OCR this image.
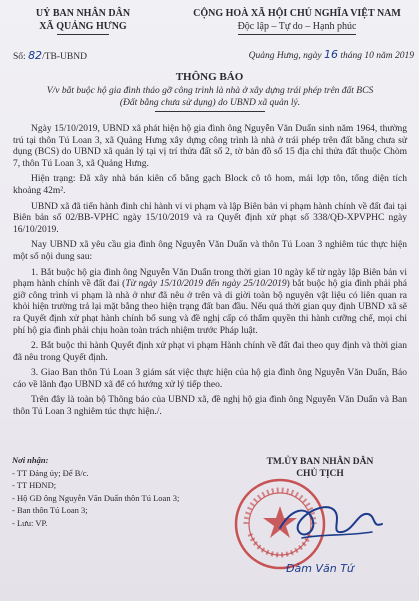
UỶ BAN NHÂN DÂN
XÃ QUẢNG HƯNG
CỘNG HOÀ XÃ HỘI CHỦ NGHĨA VIỆT NAM
Độc lập – Tự do – Hạnh phúc
Số: 82/TB-UBND	Quảng Hưng, ngày 16 tháng 10 năm 2019
THÔNG BÁO
V/v bắt buộc hộ gia đình tháo gỡ công trình là nhà ở xây dựng trái phép trên đất BCS
(Đất bằng chưa sử dụng) do UBND xã quản lý.

Ngày 15/10/2019, UBND xã phát hiện hộ gia đình ông Nguyễn Văn Duẩn sinh năm 1964, thường trú tại thôn Tú Loan 3, xã Quảng Hưng xây dựng công trình là nhà ở trái phép trên đất bằng chưa sử dụng (BCS) do UBND xã quản lý tại vị trí thửa đất số 2, tờ bản đồ số 15 địa chỉ thửa đất thuộc Chòm 7, thôn Tú Loan 3, xã Quảng Hưng.

Hiện trạng: Đã xây nhà bán kiên cố bằng gạch Block cô tô hom, mái lợp tôn, tổng diện tích khoảng 42m².

UBND xã đã tiến hành đình chỉ hành vi vi phạm và lập Biên bản vi phạm hành chính về đất đai tại Biên bản số 02/BB-VPHC ngày 15/10/2019 và ra Quyết định xử phạt số 338/QĐ-XPVPHC ngày 16/10/2019.

Nay UBND xã yêu cầu gia đình ông Nguyễn Văn Duẩn và thôn Tú Loan 3 nghiêm túc thực hiện một số nội dung sau:

1. Bắt buộc hộ gia đình ông Nguyễn Văn Duẩn trong thời gian 10 ngày kể từ ngày lập Biên bản vi phạm hành chính về đất đai (Từ ngày 15/10/2019 đến ngày 25/10/2019) bắt buộc hộ gia đình phải phá giỡ công trình vi phạm là nhà ở như đã nêu ở trên và di giời toàn bộ nguyên vật liệu có liên quan ra khỏi hiện trường trả lại mặt bằng theo hiện trạng đất ban đầu. Nếu quá thời gian quy định UBND xã sẽ ra Quyết định xử phạt hành chính bổ sung và đề nghị cấp có thẩm quyền thi hành cưỡng chế, mọi chi phí hộ gia đình phải chịu hoàn toàn trách nhiệm trước Pháp luật.

2. Bắt buộc thi hành Quyết định xử phạt vi phạm Hành chính về đất đai theo quy định và thời gian đã nêu trong Quyết định.

3. Giao Ban thôn Tú Loan 3 giám sát việc thực hiện của hộ gia đình ông Nguyễn Văn Duẩn, Báo cáo về lãnh đạo UBND xã để có hướng xử lý tiếp theo.

Trên đây là toàn bộ Thông báo của UBND xã, đề nghị hộ gia đình ông Nguyễn Văn Duẩn và Ban thôn Tú Loan 3 nghiêm túc thực hiện./.

Nơi nhận:
- TT Đảng ủy; Để B/c.
- TT HĐND;
- Hộ GĐ ông Nguyễn Văn Duẩn thôn Tú Loan 3;
- Ban thôn Tú Loan 3;
- Lưu: VP.
TM.ỦY BAN NHÂN DÂN
CHỦ TỊCH
Đàm Văn Tứ
